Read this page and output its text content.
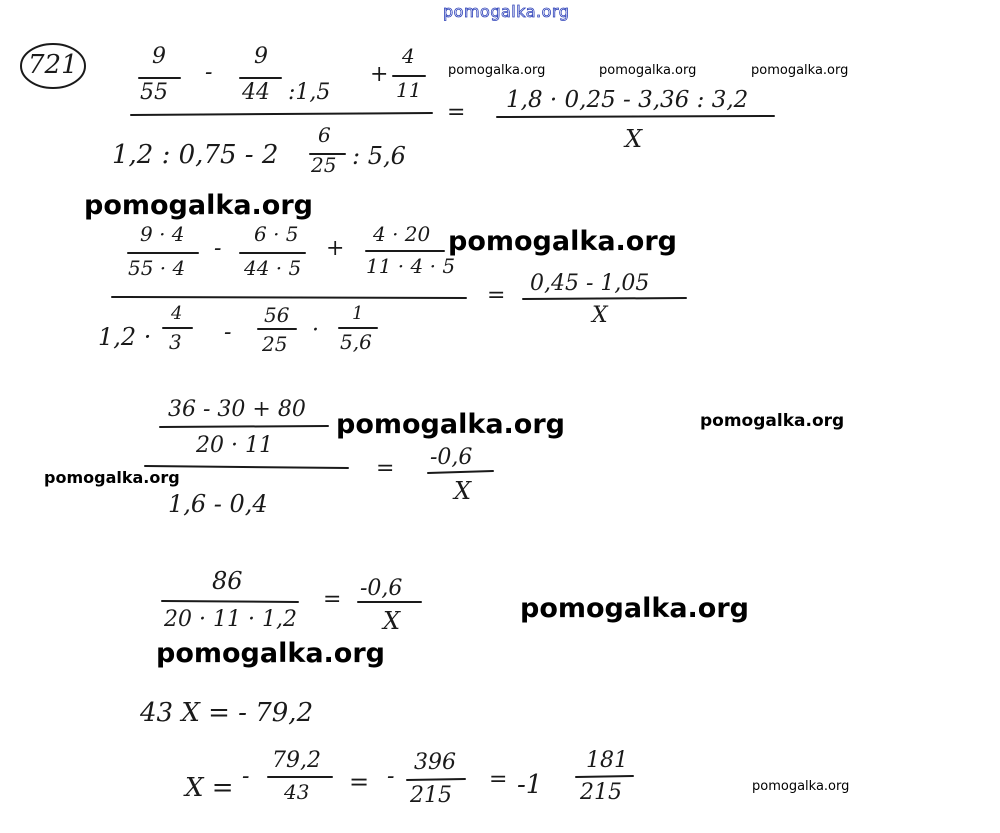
pomogalka.org
pomogalka.org	pomogalka.org	pomogalka.org
pomogalka.org
pomogalka.org
pomogalka.org	pomogalka.org
pomogalka.org
pomogalka.org
pomogalka.org
pomogalka.org
721	9
55
-
9
44 :1,5
+
4
11
1,2 : 0,75 - 2
6
25 : 5,6
= 1,8 · 0,25 - 3,36 : 3,2
X
9 · 4
55 · 4
-
6 · 5
44 · 5
+
4 · 20
11 · 4 · 5
1,2 ·
4
3 -
56
25
·
1
5,6
= 0,45 - 1,05
X
36 - 30 + 80
20 · 11
1,6 - 0,4
= -0,6
X
86
20 · 11 · 1,2
= -0,6
X
43 X = - 79,2
X = -
79,2
43 = -
396
215
= -1
181
215
